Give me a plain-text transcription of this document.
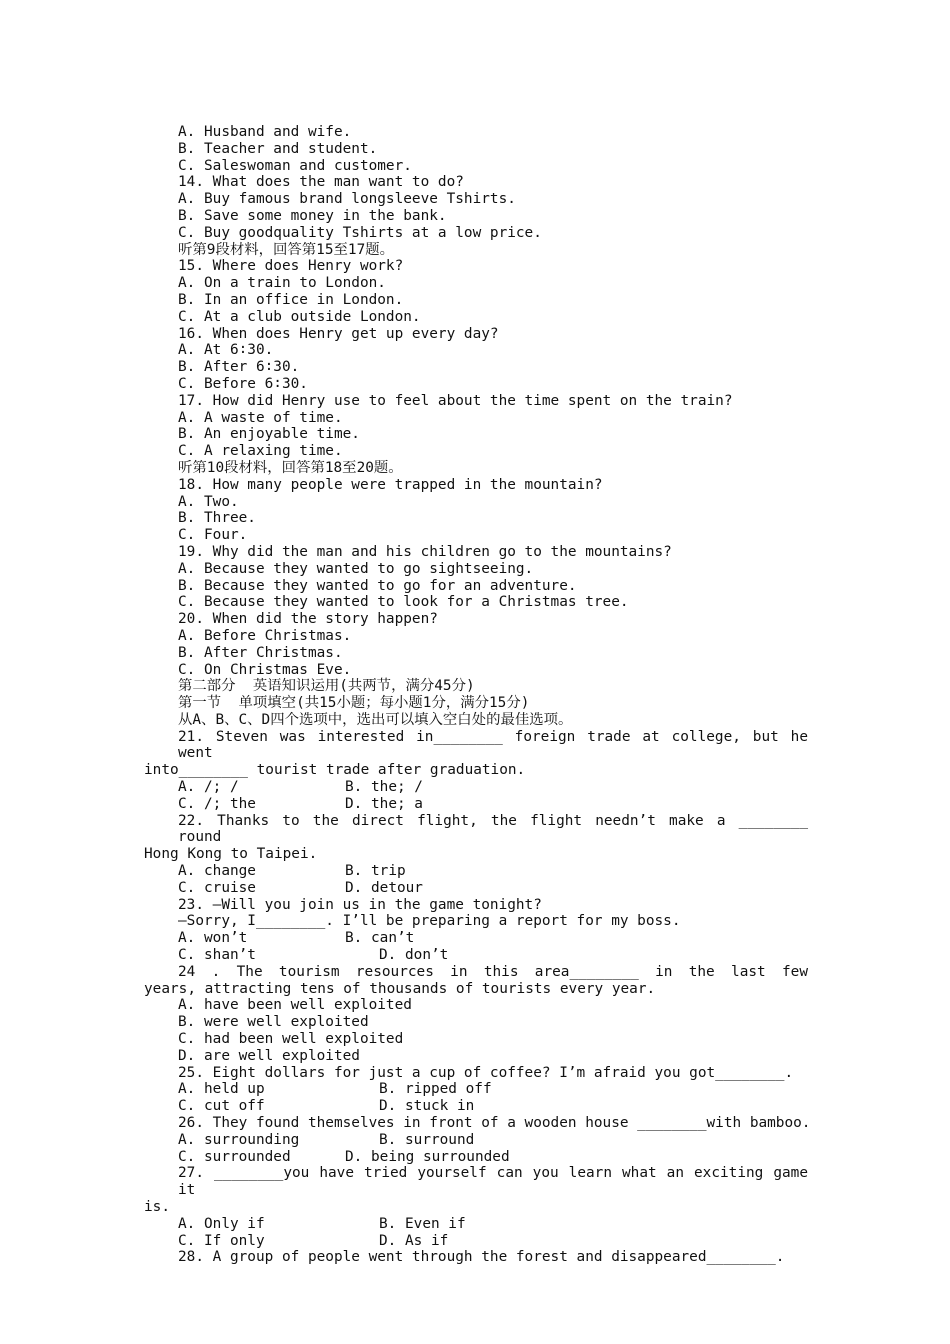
A. Husband and wife.
B. Teacher and student.
C. Saleswoman and customer.
14. What does the man want to do?
A. Buy famous brand longsleeve Tshirts.
B. Save some money in the bank.
C. Buy goodquality Tshirts at a low price.
听第9段材料，回答第15至17题。
15. Where does Henry work?
A. On a train to London.
B. In an office in London.
C. At a club outside London.
16. When does Henry get up every day?
A. At 6∶30.
B. After 6∶30.
C. Before 6∶30.
17. How did Henry use to feel about the time spent on the train?
A. A waste of time.
B. An enjoyable time.
C. A relaxing time.
听第10段材料，回答第18至20题。
18. How many people were trapped in the mountain?
A. Two.
B. Three.
C. Four.
19. Why did the man and his children go to the mountains?
A. Because they wanted to go sightseeing.
B. Because they wanted to go for an adventure.
C. Because they wanted to look for a Christmas tree.
20. When did the story happen?
A. Before Christmas.
B. After Christmas.
C. On Christmas Eve.
第二部分  英语知识运用(共两节，满分45分)
第一节  单项填空(共15小题；每小题1分，满分15分)
从A、B、C、D四个选项中，选出可以填入空白处的最佳选项。
21. Steven was interested in________ foreign trade at college, but he went
into________ tourist trade after graduation.
A. /; /	B. the; /
C. /; the	D. the; a
22. Thanks to the direct flight, the flight needn’t make a ________ round
Hong Kong to Taipei.
A. change	B. trip
C. cruise	D. detour
23. —Will you join us in the game tonight?
—Sorry, I________. I’ll be preparing a report for my boss.
A. won’t	B. can’t
C. shan’t	D. don’t
24 . The tourism resources in this area________ in the last few
years, attracting tens of thousands of tourists every year.
A. have been well exploited
B. were well exploited
C. had been well exploited
D. are well exploited
25. Eight dollars for just a cup of coffee? I’m afraid you got________.
A. held up	B. ripped off
C. cut off	D. stuck in
26. They found themselves in front of a wooden house ________with bamboo.
A. surrounding	B. surround
C. surrounded	D. being surrounded
27. ________you have tried yourself can you learn what an exciting game it
is.
A. Only if	B. Even if
C. If only	D. As if
28. A group of people went through the forest and disappeared________.
